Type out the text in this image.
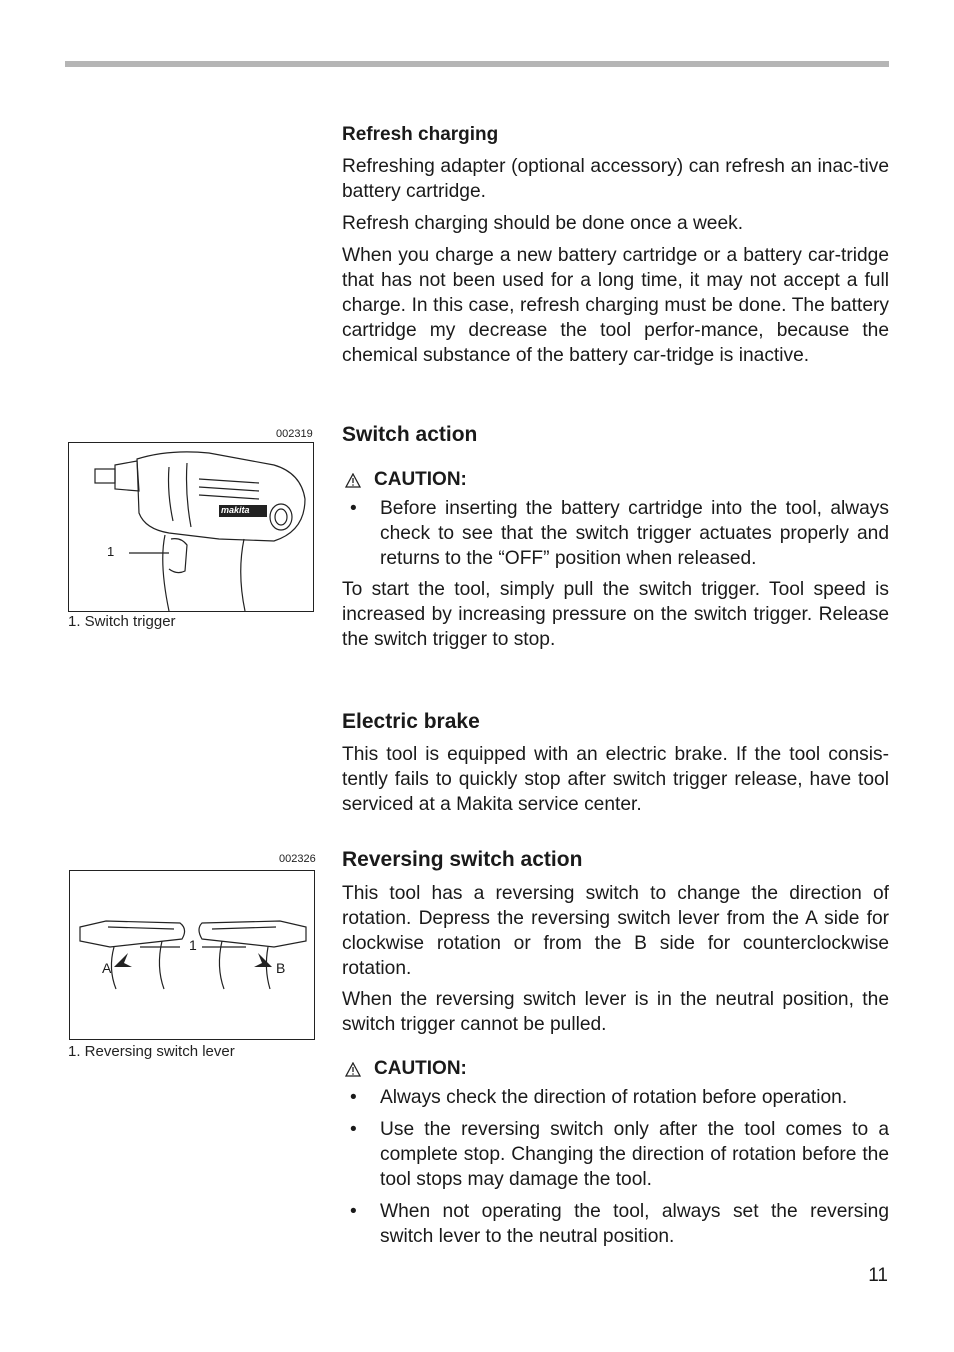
Refresh charging

Refreshing adapter (optional accessory) can refresh an inac-tive battery cartridge.

Refresh charging should be done once a week.

When you charge a new battery cartridge or a battery car-tridge that has not been used for a long time, it may not accept a full charge. In this case, refresh charging must be done. The battery cartridge my decrease the tool perfor-mance, because the chemical substance of the battery car-tridge is inactive.

Switch action

CAUTION:
• Before inserting the battery cartridge into the tool, always check to see that the switch trigger actuates properly and returns to the “OFF” position when released.

To start the tool, simply pull the switch trigger. Tool speed is increased by increasing pressure on the switch trigger. Release the switch trigger to stop.

Electric brake

This tool is equipped with an electric brake. If the tool consis-tently fails to quickly stop after switch trigger release, have tool serviced at a Makita service center.

Reversing switch action

This tool has a reversing switch to change the direction of rotation. Depress the reversing switch lever from the A side for clockwise rotation or from the B side for counterclockwise rotation.

When the reversing switch lever is in the neutral position, the switch trigger cannot be pulled.

CAUTION:
• Always check the direction of rotation before operation.

• Use the reversing switch only after the tool comes to a complete stop. Changing the direction of rotation before the tool stops may damage the tool.

• When not operating the tool, always set the reversing switch lever to the neutral position.

002319
makita
1
1. Switch trigger
002326
1
A	B
1. Reversing switch lever
11
